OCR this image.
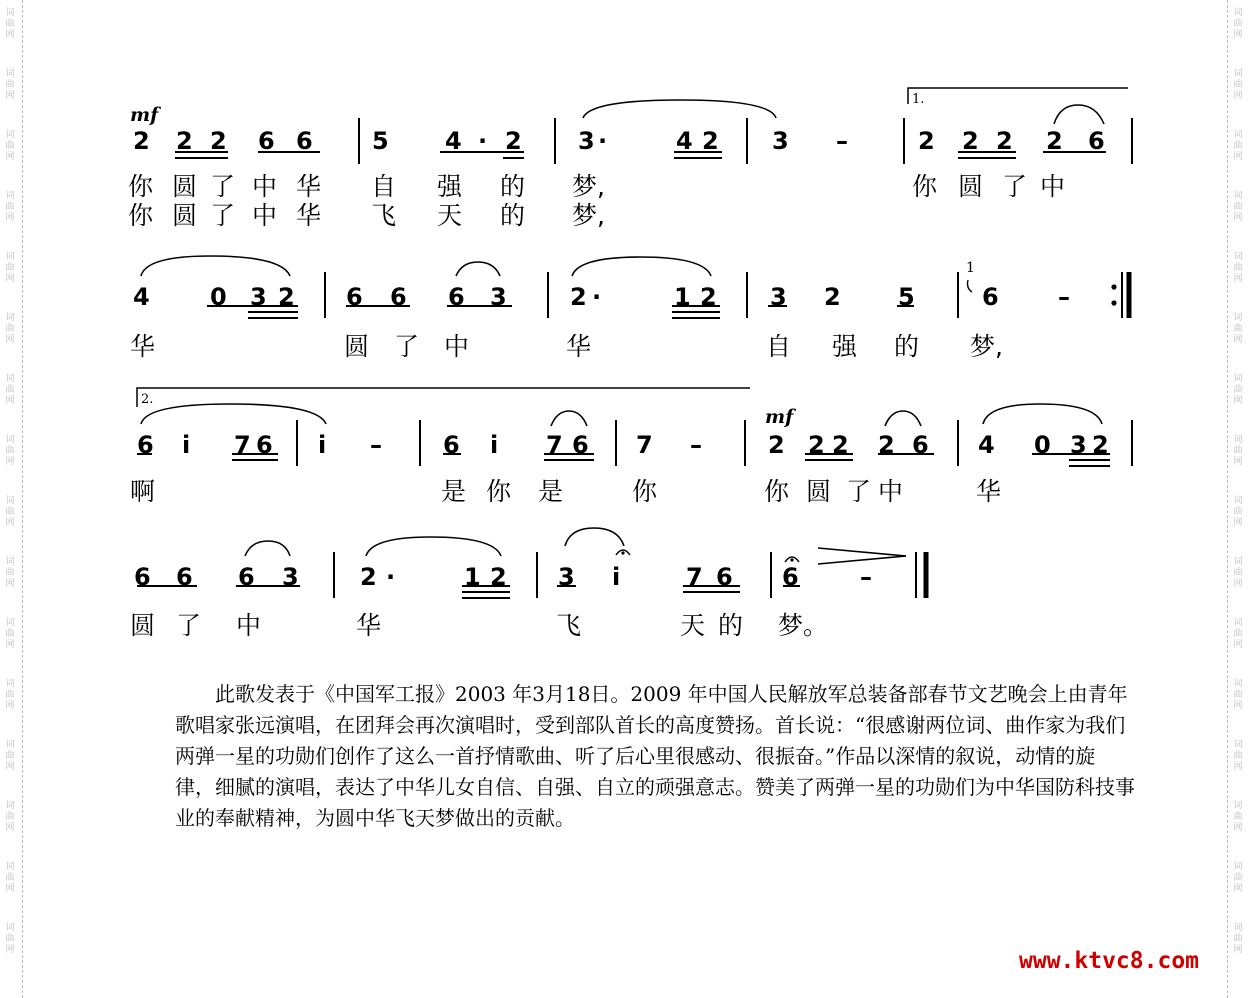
词
曲
网
词
曲
网
词
曲
网
词
曲
网
词
曲
网
词
曲
网
词
曲
网
词
曲
网
词
曲
网
词
曲
网
词
曲
网
词
曲
网
词
曲
网
词
曲
网
词
曲
网
词
曲
网
词
曲
网
词
曲
网
词
曲
网
词
曲
网
词
曲
网
词
曲
网
词
曲
网
词
曲
网
词
曲
网
词
曲
网
词
曲
网
词
曲
网
词
曲
网
词
曲
网
词
曲
网
词
曲
网
mf
1.
2 2 2 6 6 5 4 · 2 3 ·	4 2 3 –	2 2 2 2 6
你 圆 了 中 华 自 强 的 梦,	你 圆 了 中
你 圆 了 中 华 飞 天 的 梦,
1
4	0 3 2 6 6 6 3	2 ·	1 2 3 2 5	6 –
华	圆 了 中	华	自 强 的 梦,
2.
mf
6 i 7 6 i –	6 i 7 6 7 –	2 2 2 2 6 4 0 3 2
啊	是 你 是	你	你 圆 了 中	华
6 6 6 3	2 ·	1 2 3 i	7 6 6	–
圆 了 中	华	飞	天 的 梦。

此歌发表于《中国军工报》2003 年3月18日。2009 年中国人民解放军总装备部春节文艺晚会上由青年歌唱家张远演唱，在团拜会再次演唱时，受到部队首长的高度赞扬。首长说：“很感谢两位词、曲作家为我们两弹一星的功勋们创作了这么一首抒情歌曲、听了后心里很感动、很振奋。”作品以深情的叙说，动情的旋律，细腻的演唱，表达了中华儿女自信、自强、自立的顽强意志。赞美了两弹一星的功勋们为中华国防科技事业的奉献精神，为圆中华飞天梦做出的贡献。

www.ktvc8.com
